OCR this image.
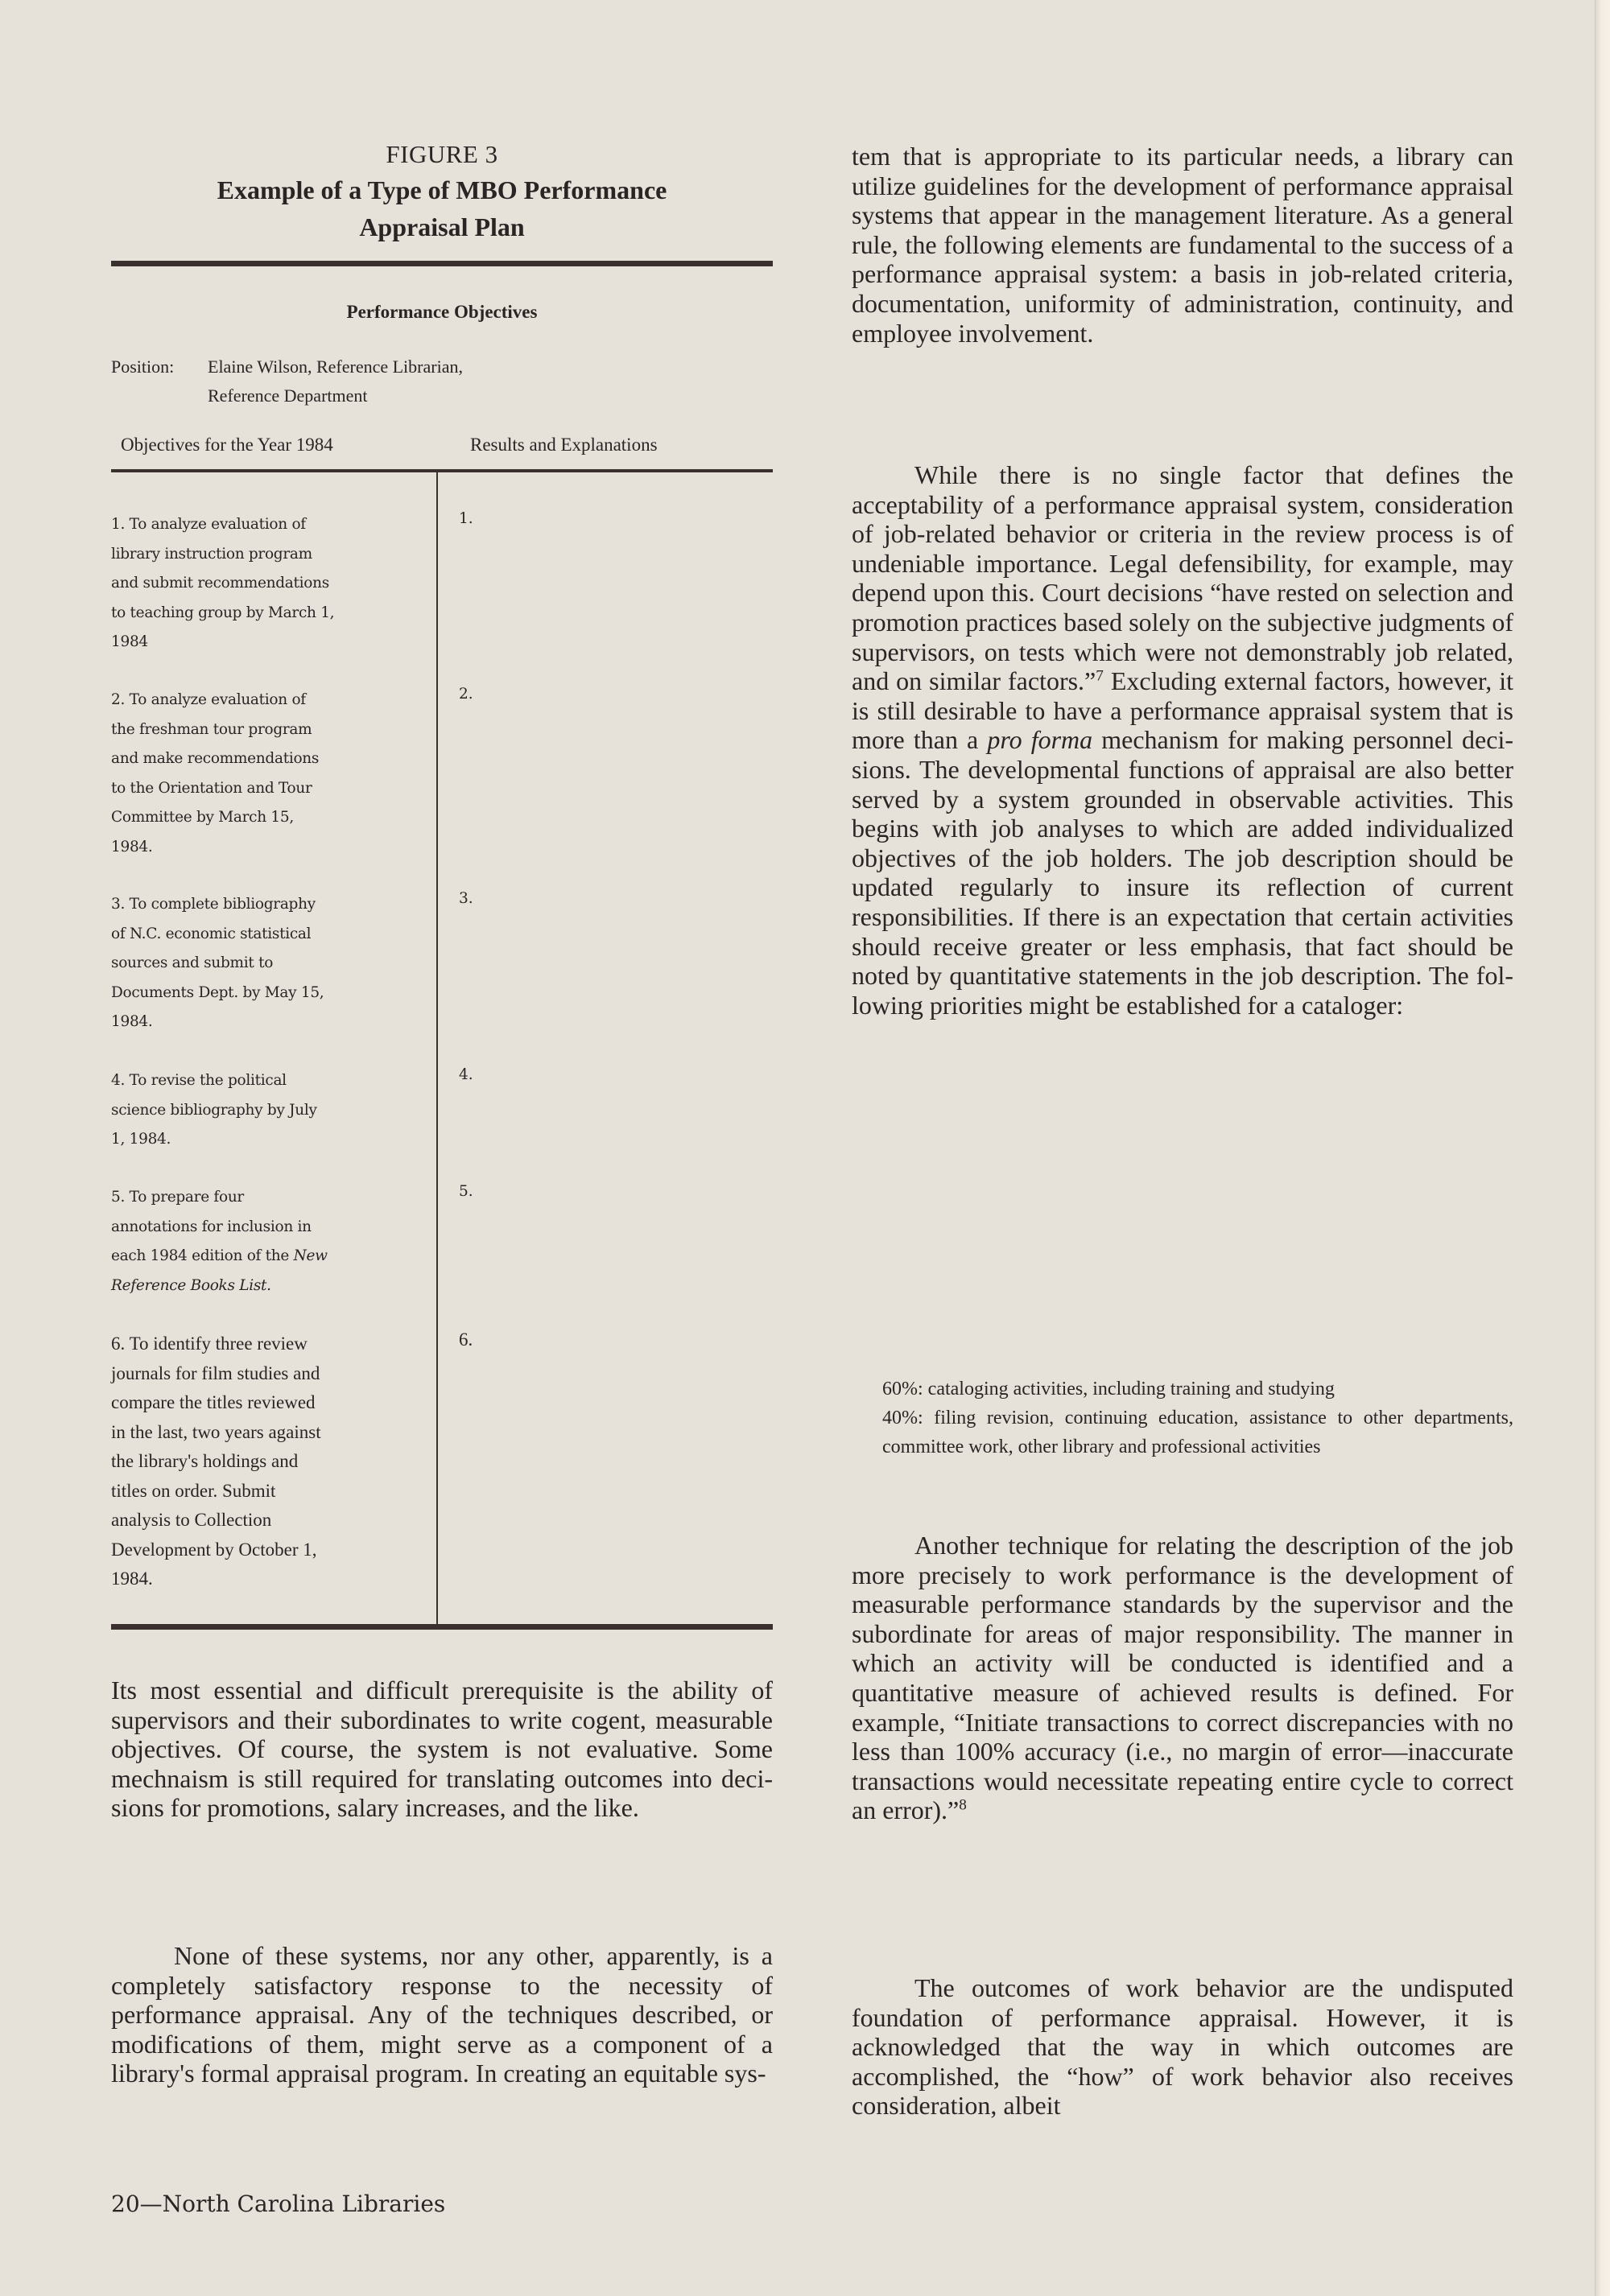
FIGURE 3
Example of a Type of MBO Performance
Appraisal Plan
Performance Objectives
Position: Elaine Wilson, Reference Librarian,
Reference Department
Objectives for the Year 1984	Results and Explanations
1. To analyze evaluation of
library instruction program
and submit recommendations
to teaching group by March 1,
1984
1.
2. To analyze evaluation of
the freshman tour program
and make recommendations
to the Orientation and Tour
Committee by March 15,
1984.
2.
3. To complete bibliography
of N.C. economic statistical
sources and submit to
Documents Dept. by May 15,
1984.
3.
4. To revise the political
science bibliography by July
1, 1984.
4.
5. To prepare four
annotations for inclusion in
each 1984 edition of the New
Reference Books List.
5.
6. To identify three review
journals for film studies and
compare the titles reviewed
in the last, two years against
the library's holdings and
titles on order. Submit
analysis to Collection
Development by October 1,
1984.
6.
Its most essential and difficult prerequisite is the ability of supervisors and their subordinates to write cogent, measurable objectives. Of course, the system is not evaluative. Some mechnaism is still required for translating outcomes into decisions for promotions, salary increases, and the like.
None of these systems, nor any other, apparently, is a completely satisfactory response to the necessity of performance appraisal. Any of the techniques described, or modifications of them, might serve as a component of a library's formal appraisal program. In creating an equitable sys-
20—North Carolina Libraries
tem that is appropriate to its particular needs, a library can utilize guidelines for the development of performance appraisal systems that appear in the management literature. As a general rule, the following elements are fundamental to the success of a performance appraisal system: a basis in job-related criteria, documentation, uniformity of administration, continuity, and employee involvement.
While there is no single factor that defines the acceptability of a performance appraisal system, consideration of job-related behavior or criteria in the review process is of undeniable importance. Legal defensibility, for example, may depend upon this. Court decisions “have rested on selection and promotion practices based solely on the subjective judgments of supervisors, on tests which were not demonstrably job related, and on similar factors.”$^7$ Excluding external factors, however, it is still desirable to have a performance appraisal system that is more than a pro forma mechanism for making personnel decisions. The developmental functions of appraisal are also better served by a system grounded in observable activities. This begins with job analyses to which are added individualized objectives of the job holders. The job description should be updated regularly to insure its reflection of current responsibilities. If there is an expectation that certain activities should receive greater or less emphasis, that fact should be noted by quantitative statements in the job description. The following priorities might be established for a cataloger:
60%: cataloging activities, including training and studying
40%: filing revision, continuing education, assistance to other departments, committee work, other library and professional activities
Another technique for relating the description of the job more precisely to work performance is the development of measurable performance standards by the supervisor and the subordinate for areas of major responsibility. The manner in which an activity will be conducted is identified and a quantitative measure of achieved results is defined. For example, “Initiate transactions to correct discrepancies with no less than 100% accuracy (i.e., no margin of error—inaccurate transactions would necessitate repeating entire cycle to correct an error).”$^8$
The outcomes of work behavior are the undisputed foundation of performance appraisal. However, it is acknowledged that the way in which outcomes are accomplished, the “how” of work behavior also receives consideration, albeit
